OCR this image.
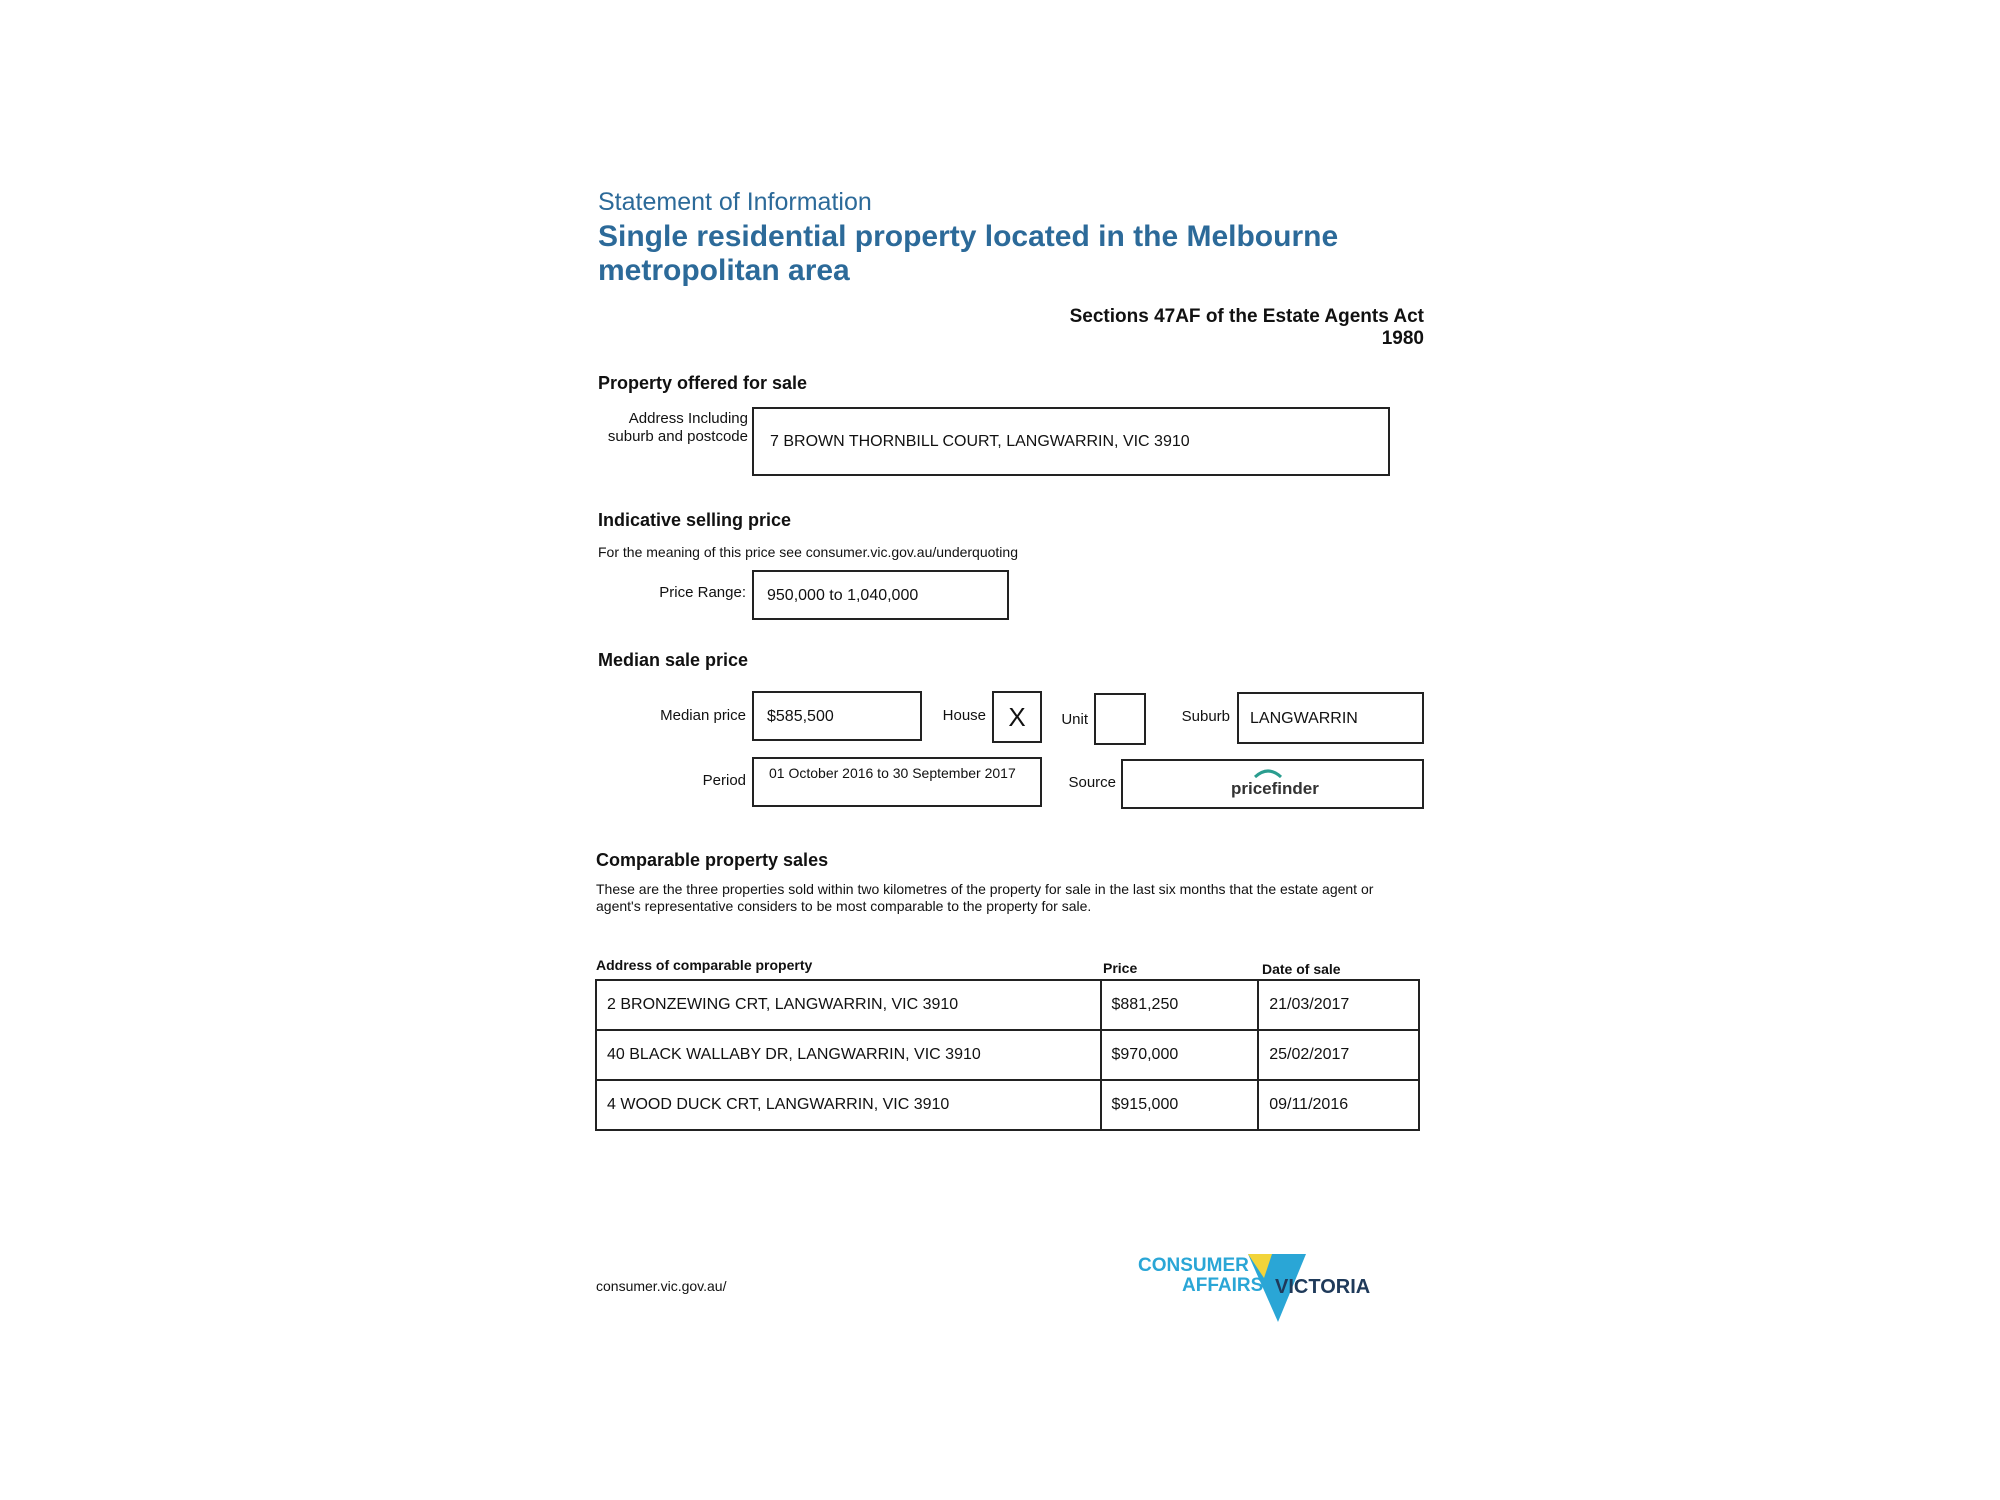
Statement of Information
Single residential property located in the Melbourne metropolitan area
Sections 47AF of the Estate Agents Act 1980
Property offered for sale
Address Including suburb and postcode 7 BROWN THORNBILL COURT, LANGWARRIN, VIC 3910
Indicative selling price
For the meaning of this price see consumer.vic.gov.au/underquoting
Price Range: 950,000 to 1,040,000
Median sale price
Median price $585,500	House X	Unit	Suburb LANGWARRIN
Period 01 October 2016 to 30 September 2017
Source	pricefinder
Comparable property sales
These are the three properties sold within two kilometres of the property for sale in the last six months that the estate agent or agent's representative considers to be most comparable to the property for sale.
Address of comparable property	Price	Date of sale
2 BRONZEWING CRT, LANGWARRIN, VIC 3910	$881,250	21/03/2017
40 BLACK WALLABY DR, LANGWARRIN, VIC 3910	$970,000	25/02/2017
4 WOOD DUCK CRT, LANGWARRIN, VIC 3910	$915,000	09/11/2016
consumer.vic.gov.au/
CONSUMER
AFFAIRS VICTORIA
